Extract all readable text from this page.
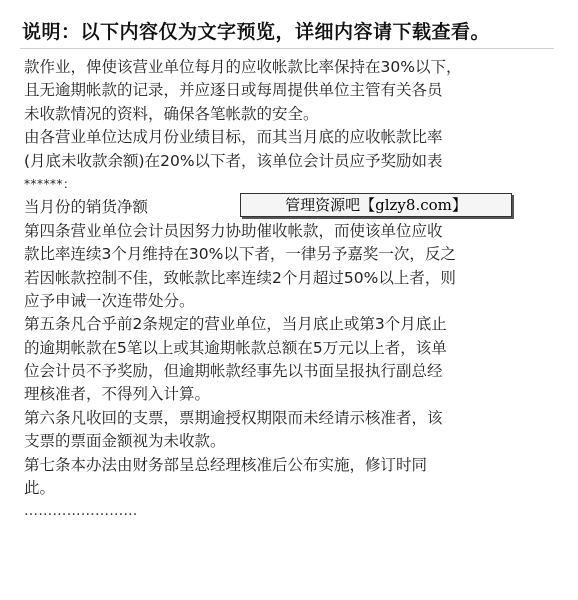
说明：以下内容仅为文字预览，详细内容请下载查看。
款作业，俾使该营业单位每月的应收帐款比率保持在30%以下，
且无逾期帐款的记录，并应逐日或每周提供单位主管有关各员
未收款情况的资料，确保各笔帐款的安全。
由各营业单位达成月份业绩目标，而其当月底的应收帐款比率
(月底未收款余额)在20%以下者，该单位会计员应予奖励如表
******：
当月份的销货净额	管理资源吧【glzy8.com】
第四条营业单位会计员因努力协助催收帐款，而使该单位应收
款比率连续3个月维持在30%以下者，一律另予嘉奖一次，反之
若因帐款控制不佳，致帐款比率连续2个月超过50%以上者，则
应予申诫一次连带处分。
第五条凡合乎前2条规定的营业单位，当月底止或第3个月底止
的逾期帐款在5笔以上或其逾期帐款总额在5万元以上者，该单
位会计员不予奖励，但逾期帐款经事先以书面呈报执行副总经
理核准者，不得列入计算。
第六条凡收回的支票，票期逾授权期限而未经请示核准者，该
支票的票面金额视为未收款。
第七条本办法由财务部呈总经理核准后公布实施，修订时同
此。
……………………
